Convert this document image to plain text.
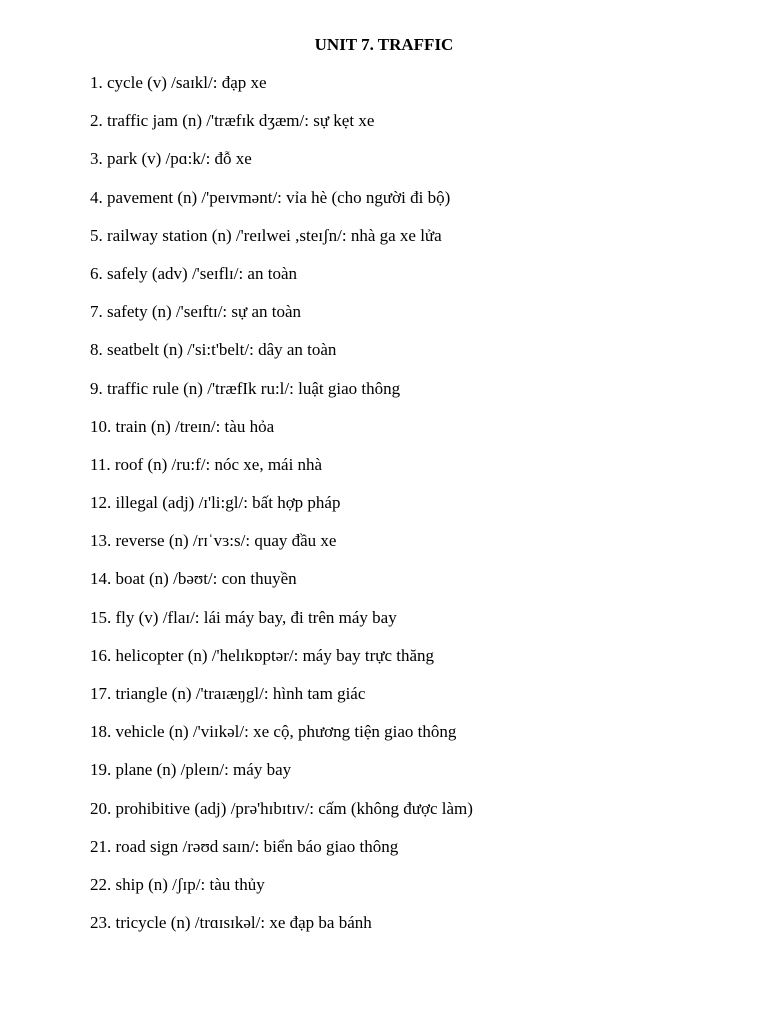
UNIT 7. TRAFFIC
1. cycle (v) /saɪkl/: đạp xe
2. traffic jam (n) /'træfɪk dʒæm/: sự kẹt xe
3. park (v) /pɑ:k/: đỗ xe
4. pavement (n) /'peɪvmənt/: vỉa hè (cho người đi bộ)
5. railway station (n) /'reɪlwei ,steɪʃn/: nhà ga xe lửa
6. safely (adv) /'seɪflɪ/: an toàn
7. safety (n) /'seɪftɪ/: sự an toàn
8. seatbelt (n) /'si:t'belt/: dây an toàn
9. traffic rule (n) /'træfIk ru:l/: luật giao thông
10. train (n) /treɪn/: tàu hỏa
11. roof (n) /ru:f/: nóc xe, mái nhà
12. illegal (adj) /ɪ'li:gl/: bất hợp pháp
13. reverse (n) /rɪˈvɜ:s/: quay đầu xe
14. boat (n) /bəʊt/: con thuyền
15. fly (v) /flaɪ/: lái máy bay, đi trên máy bay
16. helicopter (n) /'helɪkɒptər/: máy bay trực thăng
17. triangle (n) /'traɪæŋgl/: hình tam giác
18. vehicle (n) /'viɪkəl/: xe cộ, phương tiện giao thông
19. plane (n) /pleɪn/: máy bay
20. prohibitive (adj) /prə'hɪbɪtɪv/: cấm (không được làm)
21. road sign /rəʊd saɪn/: biển báo giao thông
22. ship (n) /ʃɪp/: tàu thủy
23. tricycle (n) /trɑɪsɪkəl/: xe đạp ba bánh
